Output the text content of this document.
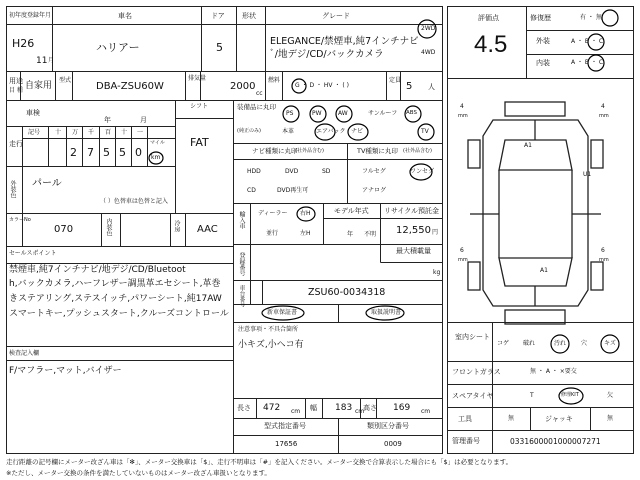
初年度登録年月
H26
11 月
車名
ハリアー
ドア
5
形状	グレード
ELEGANCE/禁煙車,純7インチナビ
ﾞ/地デジ/CD/バックカメラ
2WD
4WD
用途
目 種 自家用
型式
DBA-ZSU60W
排気量
2000
cc
燃料
G ・ D ・ HV ・ ( )
定員
5 人
車検
年	月
シフト
FAT
走行
記号 十 万 千 百 十 一
2 7 5 5 0
マイル
km
外装色 パール
（ ）色替車は色替と記入
カラーNo
070	内装色	冷房 AAC
装備品に丸印
(純正のみ)
PS	PW	AW	サンルーフ ABS
本革	エアバック ナビ	TV
ナビ種類に丸印
(社外品含む)
HDD	DVD	SD
CD	DVD再生可
TV種類に丸印 (社外品含む)
フルセグ	ワンセグ
アナログ
輸入車 ディーラー 右H
並行	左H
モデル年式
年 不明
リサイクル預託金
12,550 円
最大積載量
kg
登録番号
車台番号	ZSU60-0034318
新車保証書	取扱説明書
注意事項・不具合箇所
小キズ,小ヘコ有
セールスポイント
禁煙車,純7インチナビ/地デジ/CD/Bluetoot
h,バックカメラ,ハーフレザー調黒革エセシート,革巻
きステアリング,ステスイッチ,パワーシート,純17AW
スマートキー,プッシュスタート,クルーズコントロール
検査記入欄
F/マフラー,マット,バイザー
長さ 472 cm 幅 183 cm
高さ 169 cm
型式指定番号
17656
類別区分番号
0009
評価点
4.5
修復歴	有 ・ 無
外装	A ・ B ・ C
内装	A ・ B ・ C
4
mm
4
mm
6
mm
6
mm
A1
U1
A1
室内シート
コゲ 破れ	汚れ 穴	キズ
フロントガラス	無 ・ A ・ ×要交
スペアタイヤ	T	修理KIT	欠
工具	無	ジャッキ	無
管理番号	0331600001000007271
走行距離の記号欄にメーター改ざん車は「✻」、メーター交換車は「$」、走行不明車は「#」を記入ください。メーター交換で合算表示した場合にも「$」は必要となります。
※ただし、メーター交換の条件を満たしていないものはメーター改ざん車扱いとなります。
